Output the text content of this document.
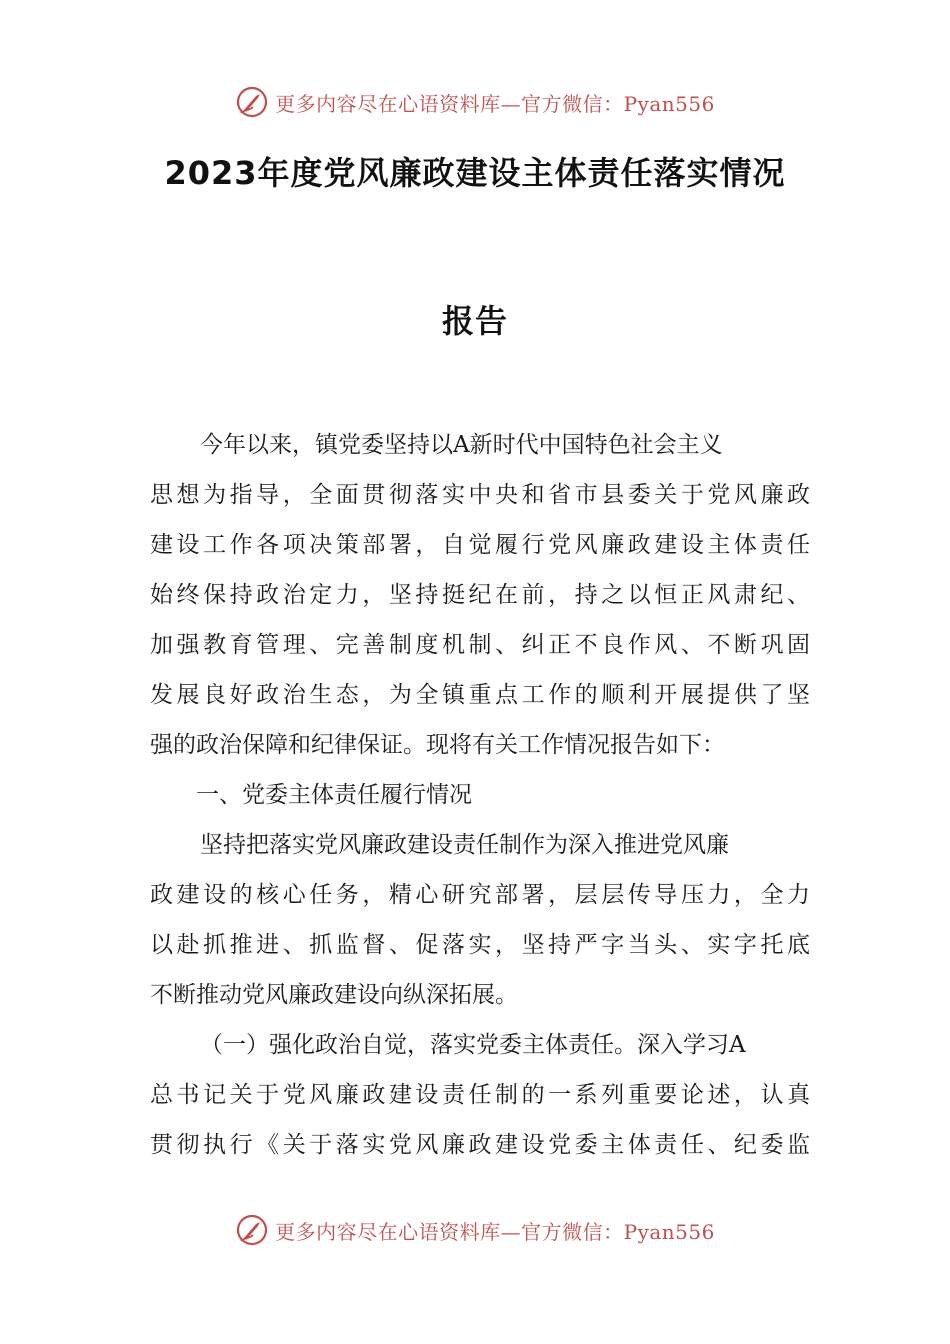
更多内容尽在心语资料库—官方微信：Pyan556
2023年度党风廉政建设主体责任落实情况
报告
今年以来，镇党委坚持以A新时代中国特色社会主义
思想为指导，全面贯彻落实中央和省市县委关于党风廉政
建设工作各项决策部署，自觉履行党风廉政建设主体责任
始终保持政治定力，坚持挺纪在前，持之以恒正风肃纪、
加强教育管理、完善制度机制、纠正不良作风、不断巩固
发展良好政治生态，为全镇重点工作的顺利开展提供了坚
强的政治保障和纪律保证。现将有关工作情况报告如下：
一、党委主体责任履行情况
坚持把落实党风廉政建设责任制作为深入推进党风廉
政建设的核心任务，精心研究部署，层层传导压力，全力
以赴抓推进、抓监督、促落实，坚持严字当头、实字托底
不断推动党风廉政建设向纵深拓展。
（一）强化政治自觉，落实党委主体责任。深入学习A
总书记关于党风廉政建设责任制的一系列重要论述，认真
贯彻执行《关于落实党风廉政建设党委主体责任、纪委监
更多内容尽在心语资料库—官方微信：Pyan556
